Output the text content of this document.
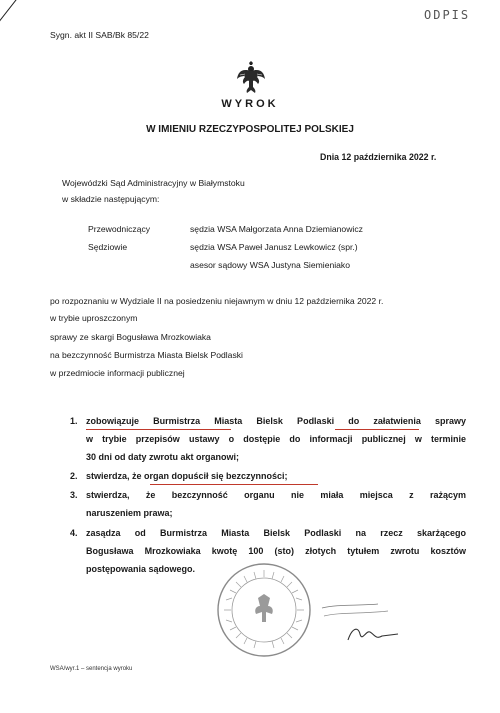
ODPIS
Sygn. akt II SAB/Bk 85/22
WYROK
W IMIENIU RZECZYPOSPOLITEJ POLSKIEJ
Dnia 12 października 2022 r.
Wojewódzki Sąd Administracyjny w Białymstoku
w składzie następującym:
Przewodniczący	sędzia WSA Małgorzata Anna Dziemianowicz
Sędziowie	sędzia WSA Paweł Janusz Lewkowicz (spr.)
asesor sądowy WSA Justyna Siemieniako
po rozpoznaniu w Wydziale II na posiedzeniu niejawnym w dniu 12 października 2022 r.
w trybie uproszczonym
sprawy ze skargi Bogusława Mrozkowiaka
na bezczynność Burmistrza Miasta Bielsk Podlaski
w przedmiocie informacji publicznej
1. zobowiązuje Burmistrza Miasta Bielsk Podlaski do załatwienia sprawy
w trybie przepisów ustawy o dostępie do informacji publicznej w terminie
30 dni od daty zwrotu akt organowi;
2. stwierdza, że organ dopuścił się bezczynności;
3. stwierdza, że bezczynność organu nie miała miejsca z rażącym
naruszeniem prawa;
4. zasądza od Burmistrza Miasta Bielsk Podlaski na rzecz skarżącego
Bogusława Mrozkowiaka kwotę 100 (sto) złotych tytułem zwrotu kosztów
postępowania sądowego.
WSA/wyr.1 – sentencja wyroku
